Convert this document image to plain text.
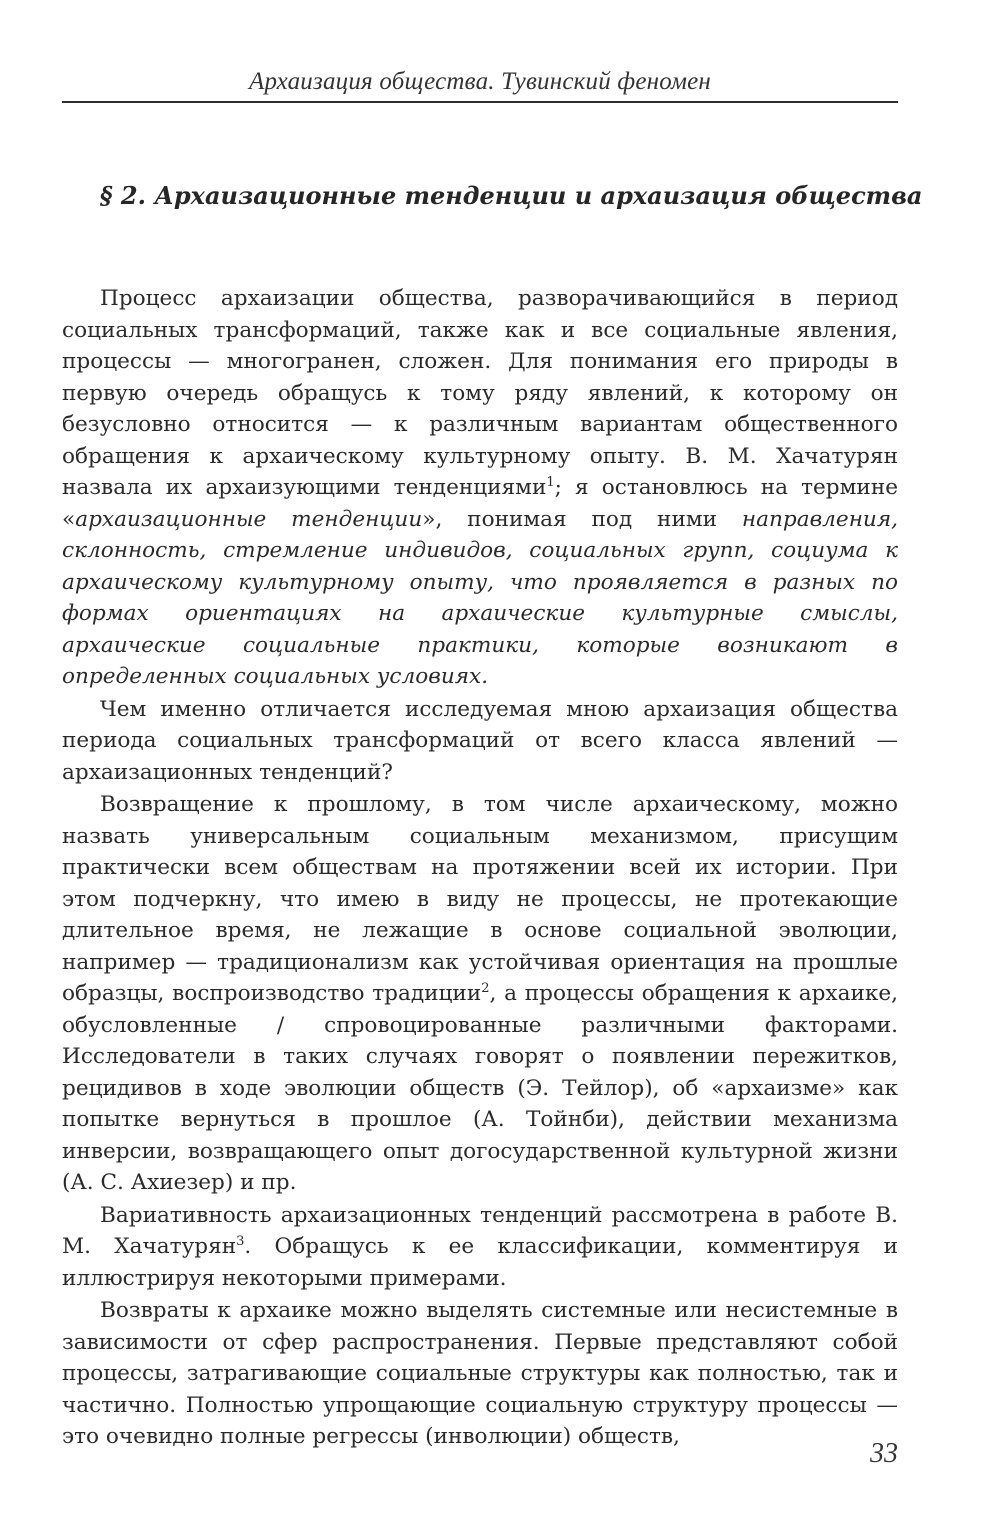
Архаизация общества. Тувинский феномен
§ 2. Архаизационные тенденции и архаизация общества

Процесс архаизации общества, разворачивающийся в период социальных трансформаций, также как и все социальные явления, процессы — многогранен, сложен. Для понимания его природы в первую очередь обращусь к тому ряду явлений, к которому он безусловно относится — к различным вариантам общественного обращения к архаическому культурному опыту. В. М. Хачатурян назвала их архаизующими тенденциями$^1$; я остановлюсь на термине «архаизационные тенденции», понимая под ними направления, склонность, стремление индивидов, социальных групп, социума к архаическому культурному опыту, что проявляется в разных по формах ориентациях на архаические культурные смыслы, архаические социальные практики, которые возникают в определенных социальных условиях.

Чем именно отличается исследуемая мною архаизация общества периода социальных трансформаций от всего класса явлений — архаизационных тенденций?

Возвращение к прошлому, в том числе архаическому, можно назвать универсальным социальным механизмом, присущим практически всем обществам на протяжении всей их истории. При этом подчеркну, что имею в виду не процессы, не протекающие длительное время, не лежащие в основе социальной эволюции, например — традиционализм как устойчивая ориентация на прошлые образцы, воспроизводство традиции$^2$, а процессы обращения к архаике, обусловленные / спровоцированные различными факторами. Исследователи в таких случаях говорят о появлении пережитков, рецидивов в ходе эволюции обществ (Э. Тейлор), об «архаизме» как попытке вернуться в прошлое (А. Тойнби), действии механизма инверсии, возвращающего опыт догосударственной культурной жизни (А. С. Ахиезер) и пр.

Вариативность архаизационных тенденций рассмотрена в работе В. М. Хачатурян$^3$. Обращусь к ее классификации, комментируя и иллюстрируя некоторыми примерами.

Возвраты к архаике можно выделять системные или несистемные в зависимости от сфер распространения. Первые представляют собой процессы, затрагивающие социальные структуры как полностью, так и частично. Полностью упрощающие социальную структуру процессы — это очевидно полные регрессы (инволюции) обществ,

33
